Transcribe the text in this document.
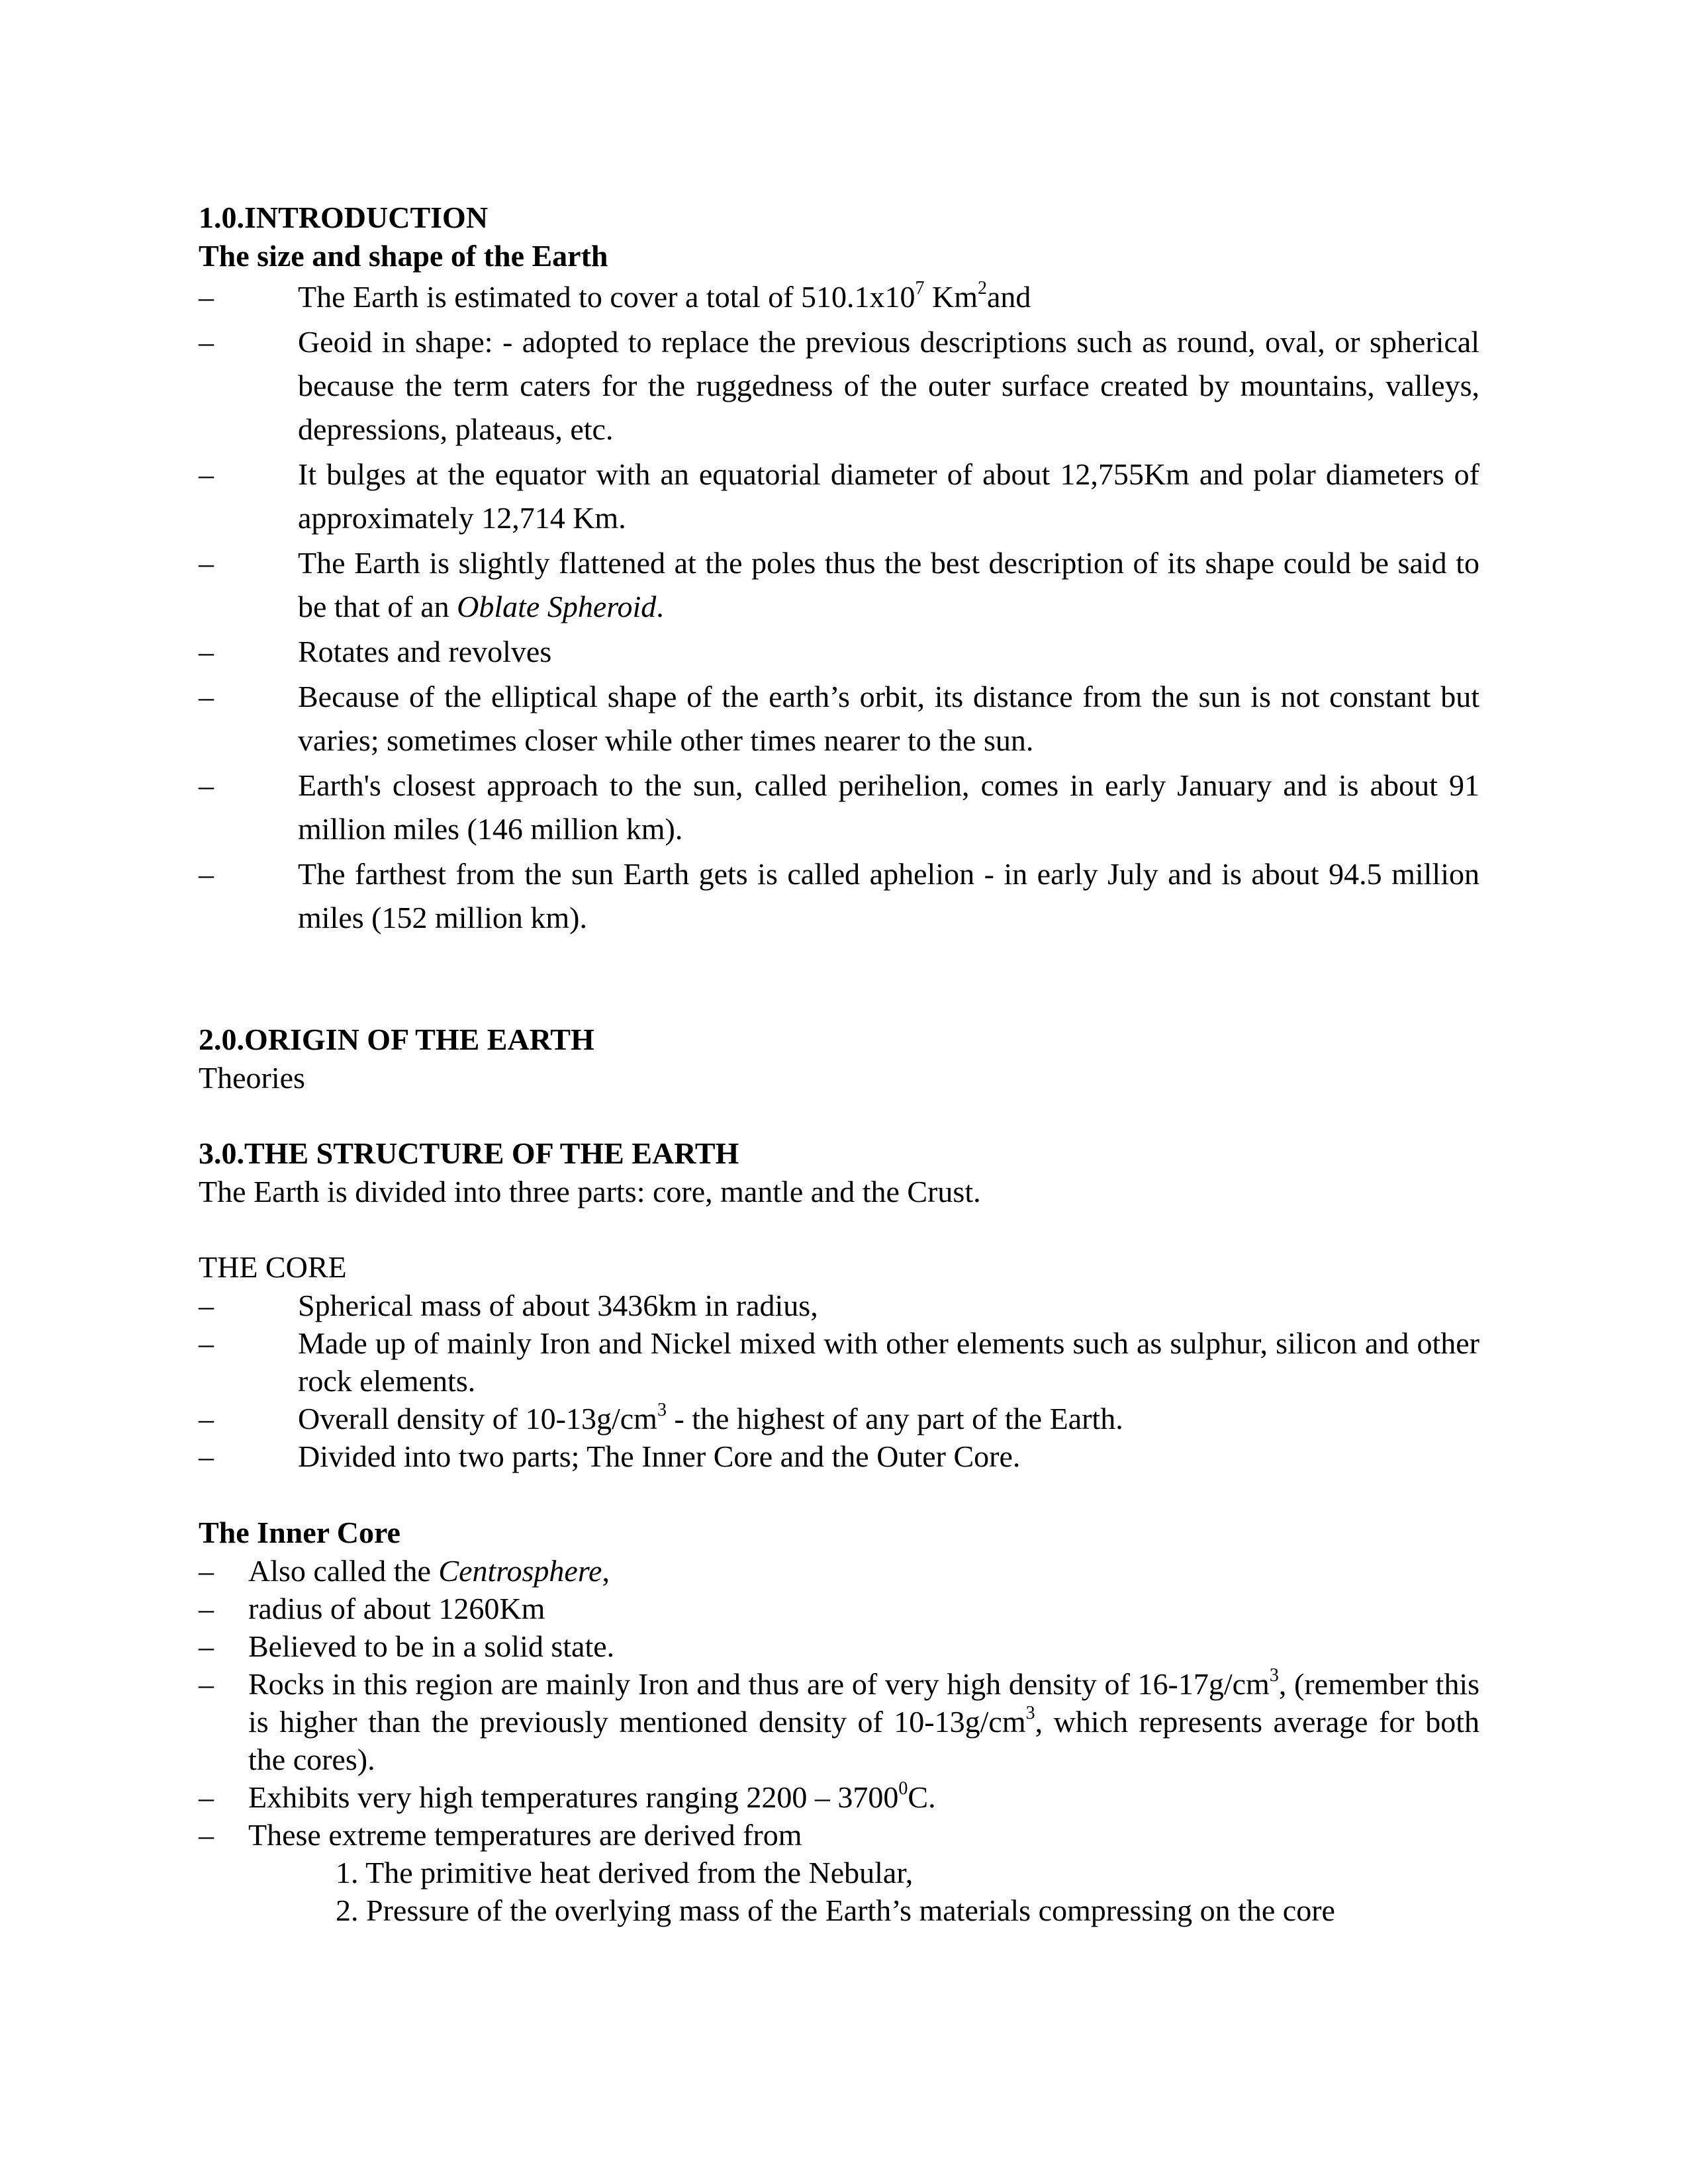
1.0.INTRODUCTION

The size and shape of the Earth

–	The Earth is estimated to cover a total of $510.1x10^7$ Km$^2$and
–	Geoid in shape: - adopted to replace the previous descriptions such as round, oval, or spherical because the term caters for the ruggedness of the outer surface created by mountains, valleys, depressions, plateaus, etc.
–	It bulges at the equator with an equatorial diameter of about 12,755Km and polar diameters of approximately 12,714 Km.
–	The Earth is slightly flattened at the poles thus the best description of its shape could be said to be that of an Oblate Spheroid.
–	Rotates and revolves
–	Because of the elliptical shape of the earth’s orbit, its distance from the sun is not constant but varies; sometimes closer while other times nearer to the sun.
–	Earth's closest approach to the sun, called perihelion, comes in early January and is about 91 million miles (146 million km).
–	The farthest from the sun Earth gets is called aphelion - in early July and is about 94.5 million miles (152 million km).

2.0.ORIGIN OF THE EARTH

Theories

3.0.THE STRUCTURE OF THE EARTH

The Earth is divided into three parts: core, mantle and the Crust.

THE CORE

–	Spherical mass of about 3436km in radius,
–	Made up of mainly Iron and Nickel mixed with other elements such as sulphur, silicon and other rock elements.
–	Overall density of $10-13g/cm^3$ - the highest of any part of the Earth.
–	Divided into two parts; The Inner Core and the Outer Core.

The Inner Core

– Also called the Centrosphere,
– radius of about 1260Km
– Believed to be in a solid state.
– Rocks in this region are mainly Iron and thus are of very high density of $16-17g/cm^3$, (remember this is higher than the previously mentioned density of $10-13g/cm^3$, which represents average for both the cores).
– Exhibits very high temperatures ranging 2200 – 3700$^0$C.
– These extreme temperatures are derived from
1. The primitive heat derived from the Nebular,
2. Pressure of the overlying mass of the Earth’s materials compressing on the core
